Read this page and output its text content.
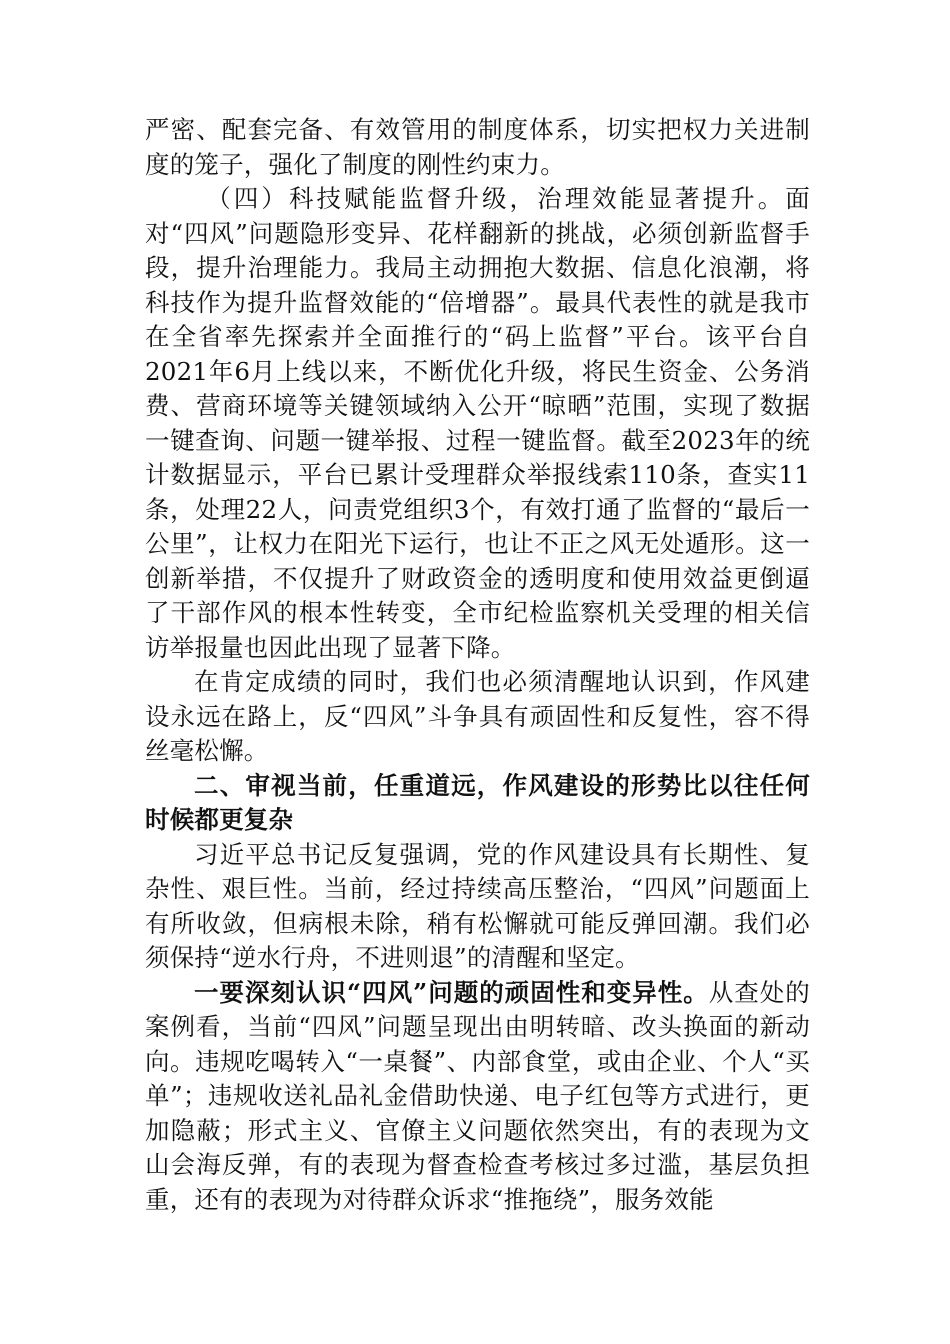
严密、配套完备、有效管用的制度体系，切实把权力关进制度的笼子，强化了制度的刚性约束力。

（四）科技赋能监督升级，治理效能显著提升。面对“四风”问题隐形变异、花样翻新的挑战，必须创新监督手段，提升治理能力。我局主动拥抱大数据、信息化浪潮，将科技作为提升监督效能的“倍增器”。最具代表性的就是我市在全省率先探索并全面推行的“码上监督”平台。该平台自2021年6月上线以来，不断优化升级，将民生资金、公务消费、营商环境等关键领域纳入公开“晾晒”范围，实现了数据一键查询、问题一键举报、过程一键监督。截至2023年的统计数据显示，平台已累计受理群众举报线索110条，查实11条，处理22人，问责党组织3个，有效打通了监督的“最后一公里”，让权力在阳光下运行，也让不正之风无处遁形。这一创新举措，不仅提升了财政资金的透明度和使用效益更倒逼了干部作风的根本性转变，全市纪检监察机关受理的相关信访举报量也因此出现了显著下降。

在肯定成绩的同时，我们也必须清醒地认识到，作风建设永远在路上，反“四风”斗争具有顽固性和反复性，容不得丝毫松懈。

二、审视当前，任重道远，作风建设的形势比以往任何时候都更复杂

习近平总书记反复强调，党的作风建设具有长期性、复杂性、艰巨性。当前，经过持续高压整治，“四风”问题面上有所收敛，但病根未除，稍有松懈就可能反弹回潮。我们必须保持“逆水行舟，不进则退”的清醒和坚定。

一要深刻认识“四风”问题的顽固性和变异性。从查处的案例看，当前“四风”问题呈现出由明转暗、改头换面的新动向。违规吃喝转入“一桌餐”、内部食堂，或由企业、个人“买单”；违规收送礼品礼金借助快递、电子红包等方式进行，更加隐蔽；形式主义、官僚主义问题依然突出，有的表现为文山会海反弹，有的表现为督查检查考核过多过滥，基层负担重，还有的表现为对待群众诉求“推拖绕”，服务效能
